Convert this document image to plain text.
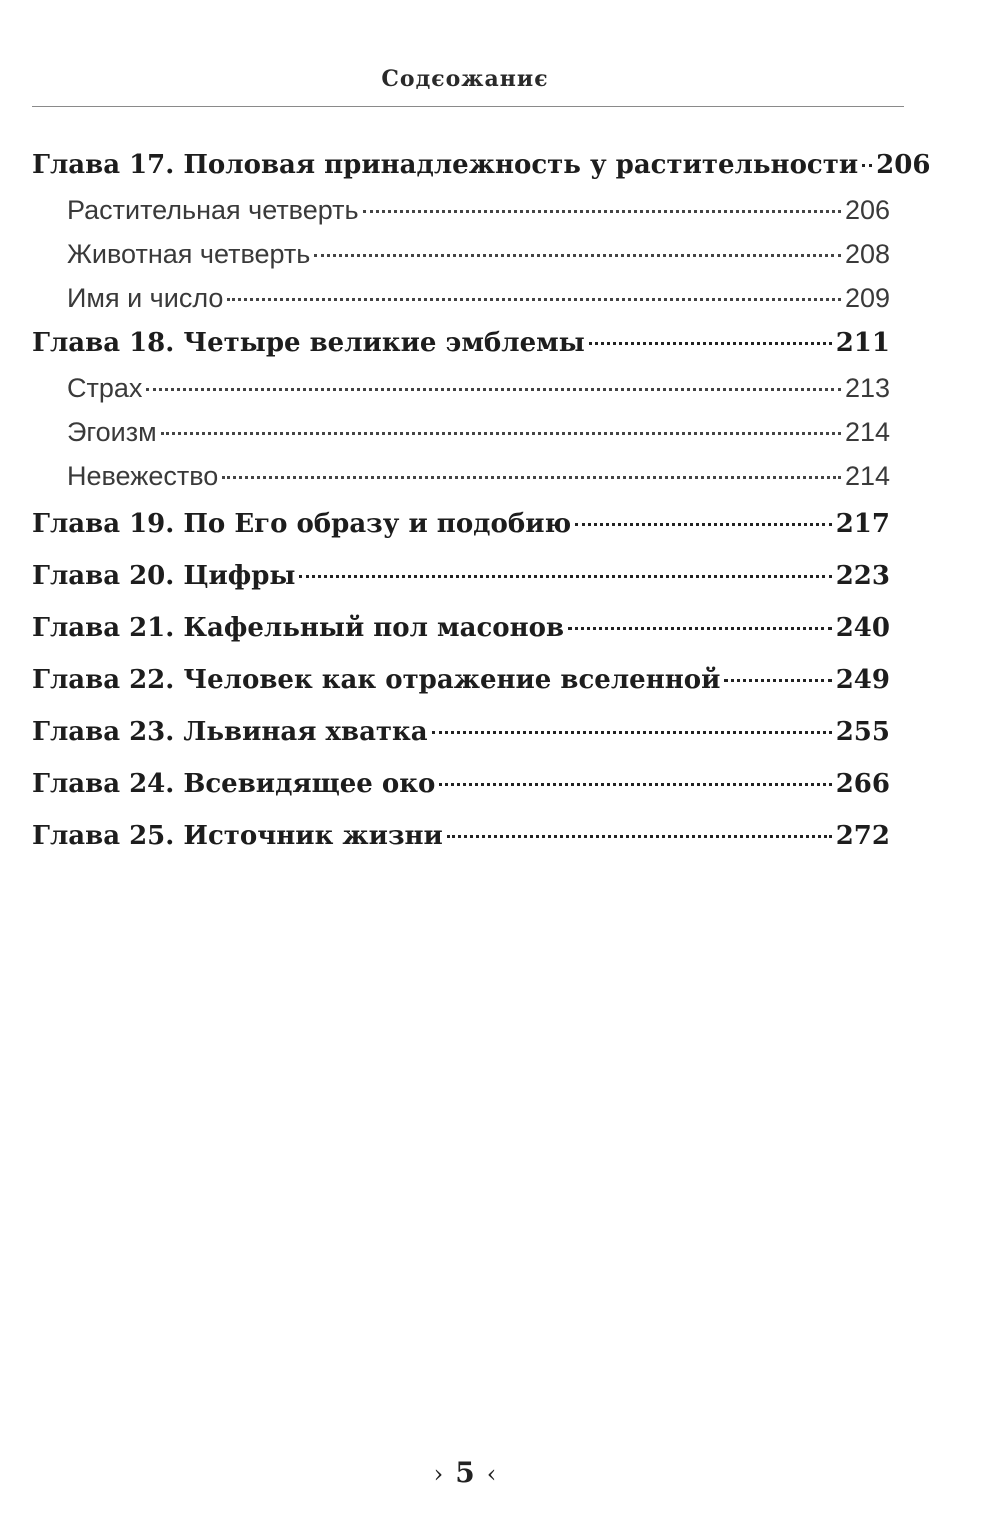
Содєожаниє
Глава 17. Половая принадлежность у растительности 206
Растительная четверть	206
Животная четверть	208
Имя и число	209
Глава 18. Четыре великие эмблемы	211
Страх	213
Эгоизм	214
Невежество	214
Глава 19. По Его образу и подобию	217
Глава 20. Цифры	223
Глава 21. Кафельный пол масонов	240
Глава 22. Человек как отражение вселенной	249
Глава 23. Львиная хватка	255
Глава 24. Всевидящее око	266
Глава 25. Источник жизни	272
› 5 ‹
